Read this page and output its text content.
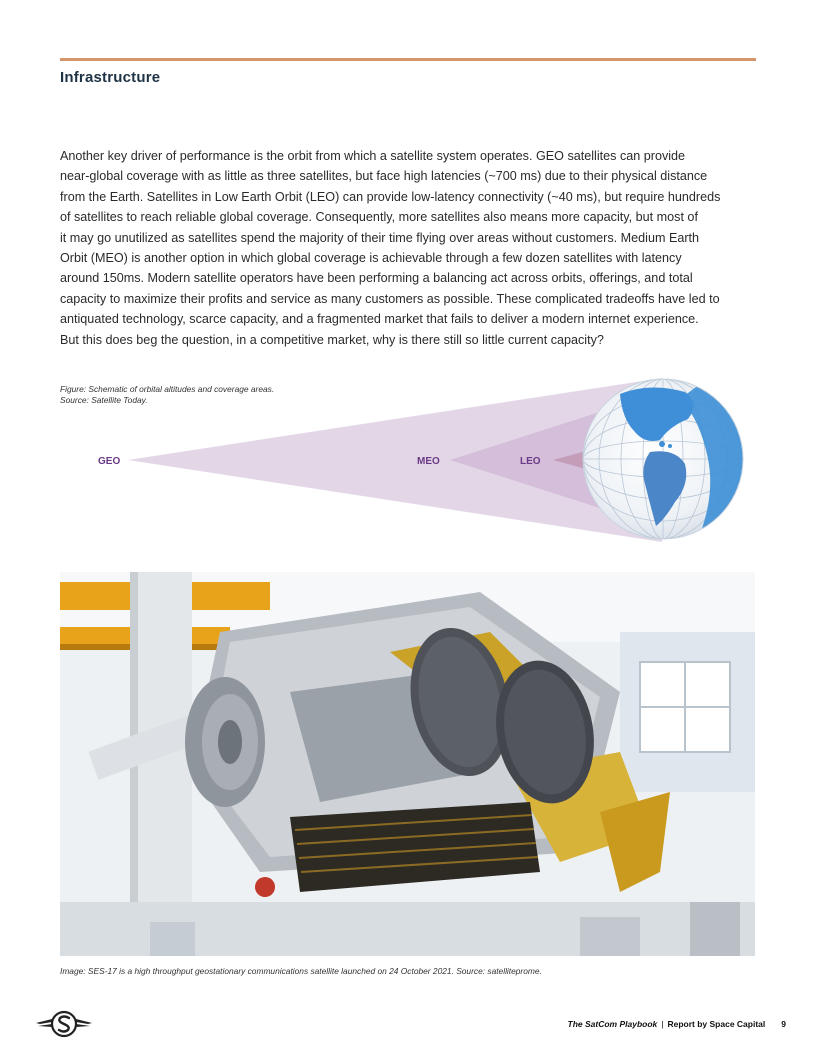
Infrastructure
Another key driver of performance is the orbit from which a satellite system operates. GEO satellites can provide
near-global coverage with as little as three satellites, but face high latencies (~700 ms) due to their physical distance
from the Earth. Satellites in Low Earth Orbit (LEO) can provide low-latency connectivity (~40 ms), but require hundreds
of satellites to reach reliable global coverage. Consequently, more satellites also means more capacity, but most of
it may go unutilized as satellites spend the majority of their time flying over areas without customers. Medium Earth
Orbit (MEO) is another option in which global coverage is achievable through a few dozen satellites with latency
around 150ms. Modern satellite operators have been performing a balancing act across orbits, offerings, and total
capacity to maximize their profits and service as many customers as possible. These complicated tradeoffs have led to
antiquated technology, scarce capacity, and a fragmented market that fails to deliver a modern internet experience.
But this does beg the question, in a competitive market, why is there still so little current capacity?
GEO	MEO	LEO

Figure: Schematic of orbital altitudes and coverage areas. Source: Satellite Today.

Image: SES-17 is a high throughput geostationary communications satellite launched on 24 October 2021. Source: satelliteprome.

The SatCom Playbook | Report by Space Capital 9
